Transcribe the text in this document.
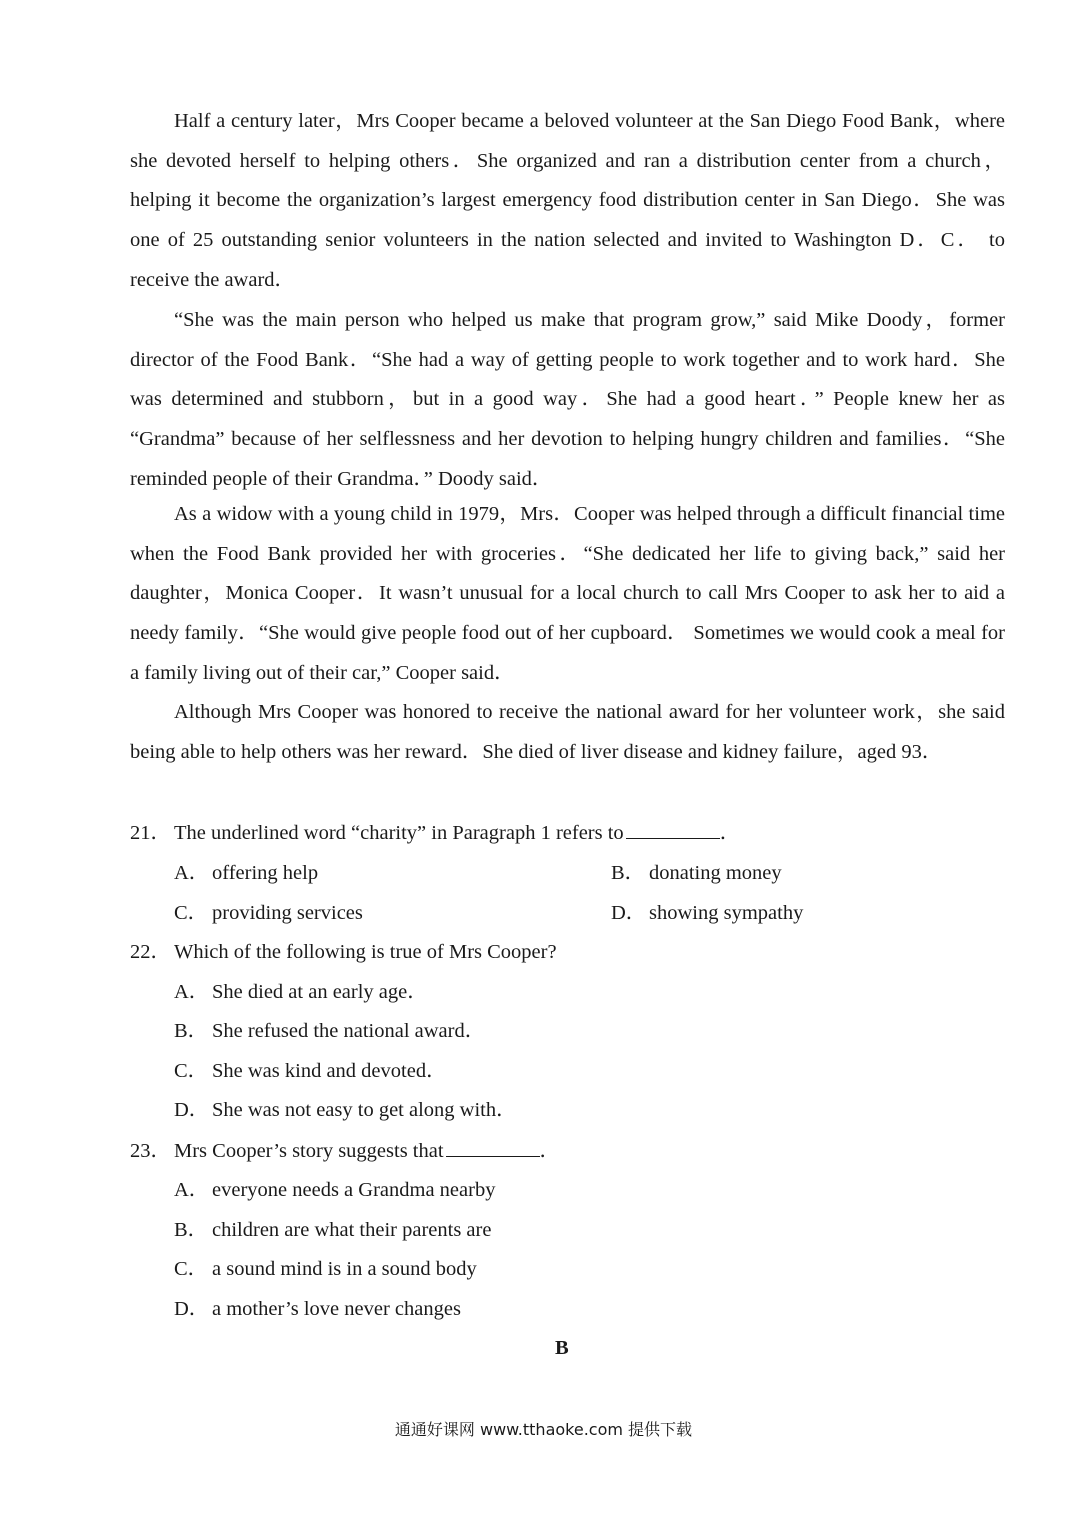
Half a century later，Mrs Cooper became a beloved volunteer at the San Diego Food Bank，where she devoted herself to helping others．She organized and ran a distribution center from a church，helping it become the organization’s largest emergency food distribution center in San Diego．She was one of 25 outstanding senior volunteers in the nation selected and invited to Washington D．C． to receive the award．

“She was the main person who helped us make that program grow,” said Mike Doody，former director of the Food Bank．“She had a way of getting people to work together and to work hard．She was determined and stubborn，but in a good way．She had a good heart．” People knew her as “Grandma” because of her selflessness and her devotion to helping hungry children and families．“She reminded people of their Grandma．” Doody said．

As a widow with a young child in 1979，Mrs．Cooper was helped through a difficult financial time when the Food Bank provided her with groceries．“She dedicated her life to giving back,” said her daughter，Monica Cooper．It wasn’t unusual for a local church to call Mrs Cooper to ask her to aid a needy family．“She would give people food out of her cupboard． Sometimes we would cook a meal for a family living out of their car,” Cooper said．

Although Mrs Cooper was honored to receive the national award for her volunteer work，she said being able to help others was her reward．She died of liver disease and kidney failure，aged 93．

21． The underlined word “charity” in Paragraph 1 refers to	．
A． offering help	B． donating money
C． providing services	D． showing sympathy
22． Which of the following is true of Mrs Cooper?
A． She died at an early age．
B． She refused the national award．
C． She was kind and devoted．
D． She was not easy to get along with．
23． Mrs Cooper’s story suggests that	．
A． everyone needs a Grandma nearby
B． children are what their parents are
C． a sound mind is in a sound body
D． a mother’s love never changes
B
通通好课网 www.tthaoke.com 提供下载
